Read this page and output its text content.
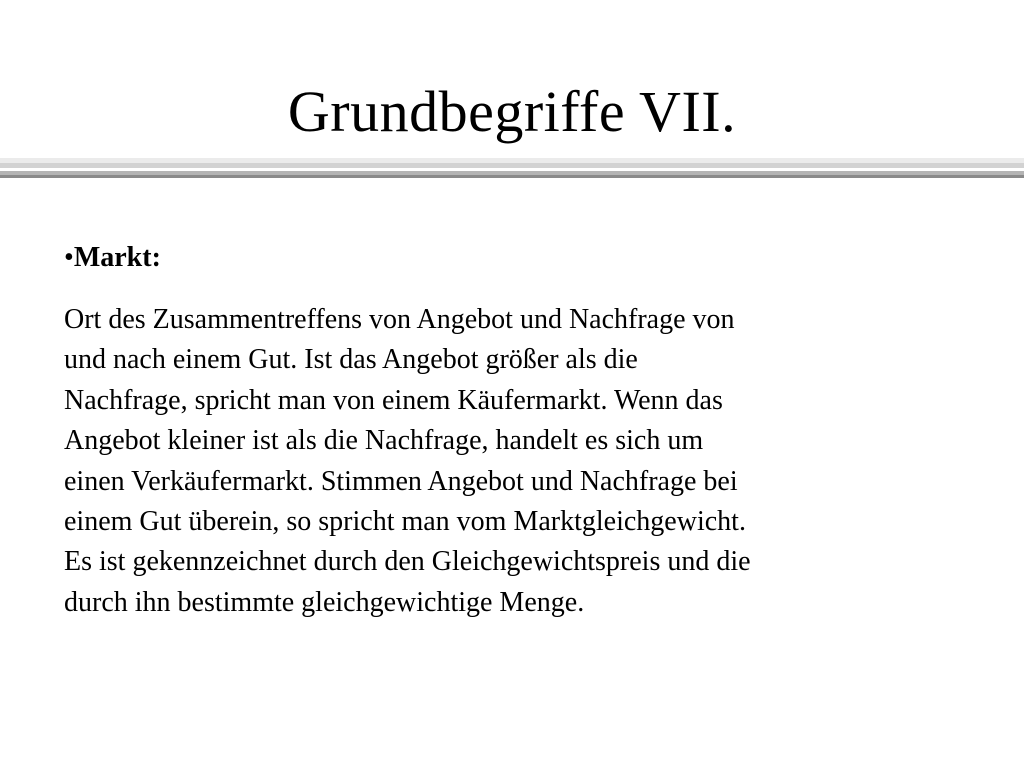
Grundbegriffe VII.
•Markt:
Ort des Zusammentreffens von Angebot und Nachfrage von
und nach einem Gut. Ist das Angebot größer als die
Nachfrage, spricht man von einem Käufermarkt. Wenn das
Angebot kleiner ist als die Nachfrage, handelt es sich um
einen Verkäufermarkt. Stimmen Angebot und Nachfrage bei
einem Gut überein, so spricht man vom Marktgleichgewicht.
Es ist gekennzeichnet durch den Gleichgewichtspreis und die
durch ihn bestimmte gleichgewichtige Menge.
